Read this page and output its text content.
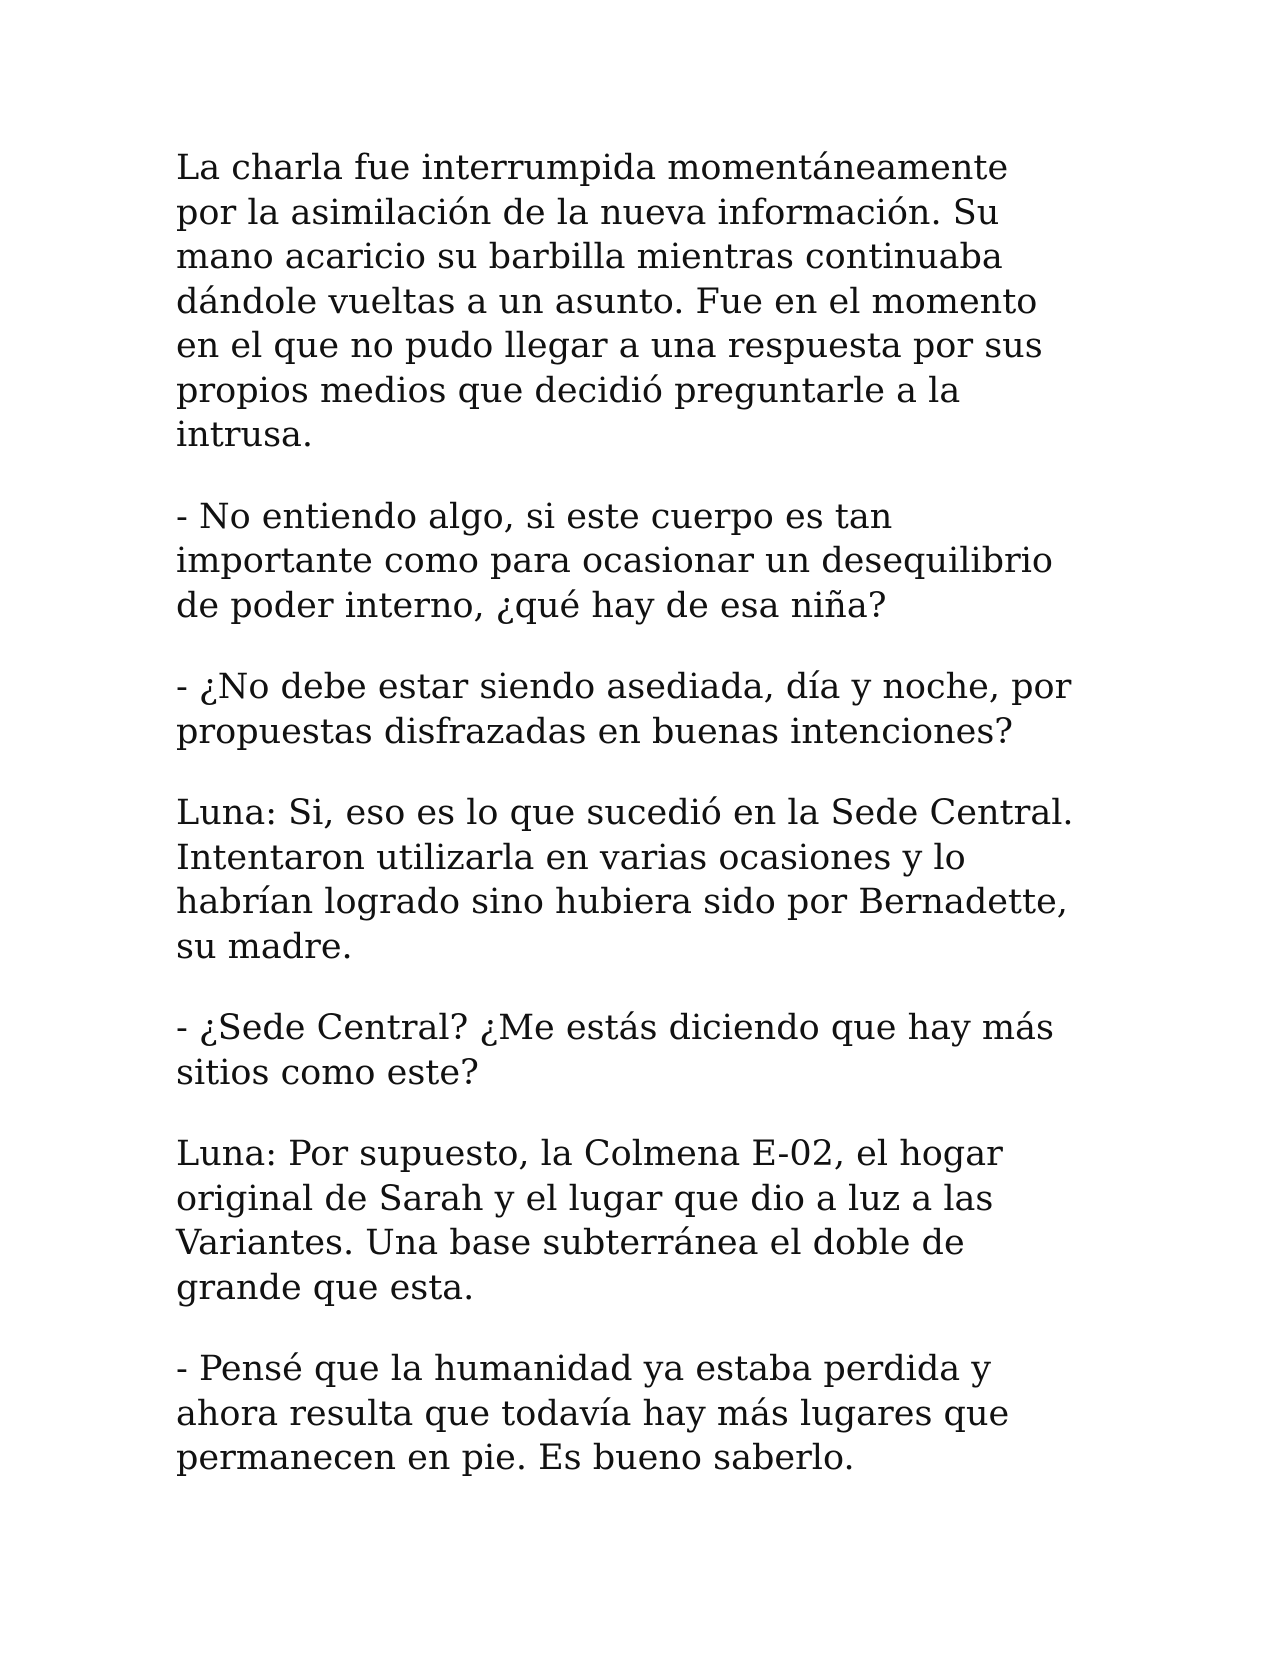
La charla fue interrumpida momentáneamente
por la asimilación de la nueva información. Su
mano acaricio su barbilla mientras continuaba
dándole vueltas a un asunto. Fue en el momento
en el que no pudo llegar a una respuesta por sus
propios medios que decidió preguntarle a la
intrusa.

- No entiendo algo, si este cuerpo es tan
importante como para ocasionar un desequilibrio
de poder interno, ¿qué hay de esa niña?

- ¿No debe estar siendo asediada, día y noche, por
propuestas disfrazadas en buenas intenciones?

Luna: Si, eso es lo que sucedió en la Sede Central.
Intentaron utilizarla en varias ocasiones y lo
habrían logrado sino hubiera sido por Bernadette,
su madre.

- ¿Sede Central? ¿Me estás diciendo que hay más
sitios como este?

Luna: Por supuesto, la Colmena E-02, el hogar
original de Sarah y el lugar que dio a luz a las
Variantes. Una base subterránea el doble de
grande que esta.

- Pensé que la humanidad ya estaba perdida y
ahora resulta que todavía hay más lugares que
permanecen en pie. Es bueno saberlo.
